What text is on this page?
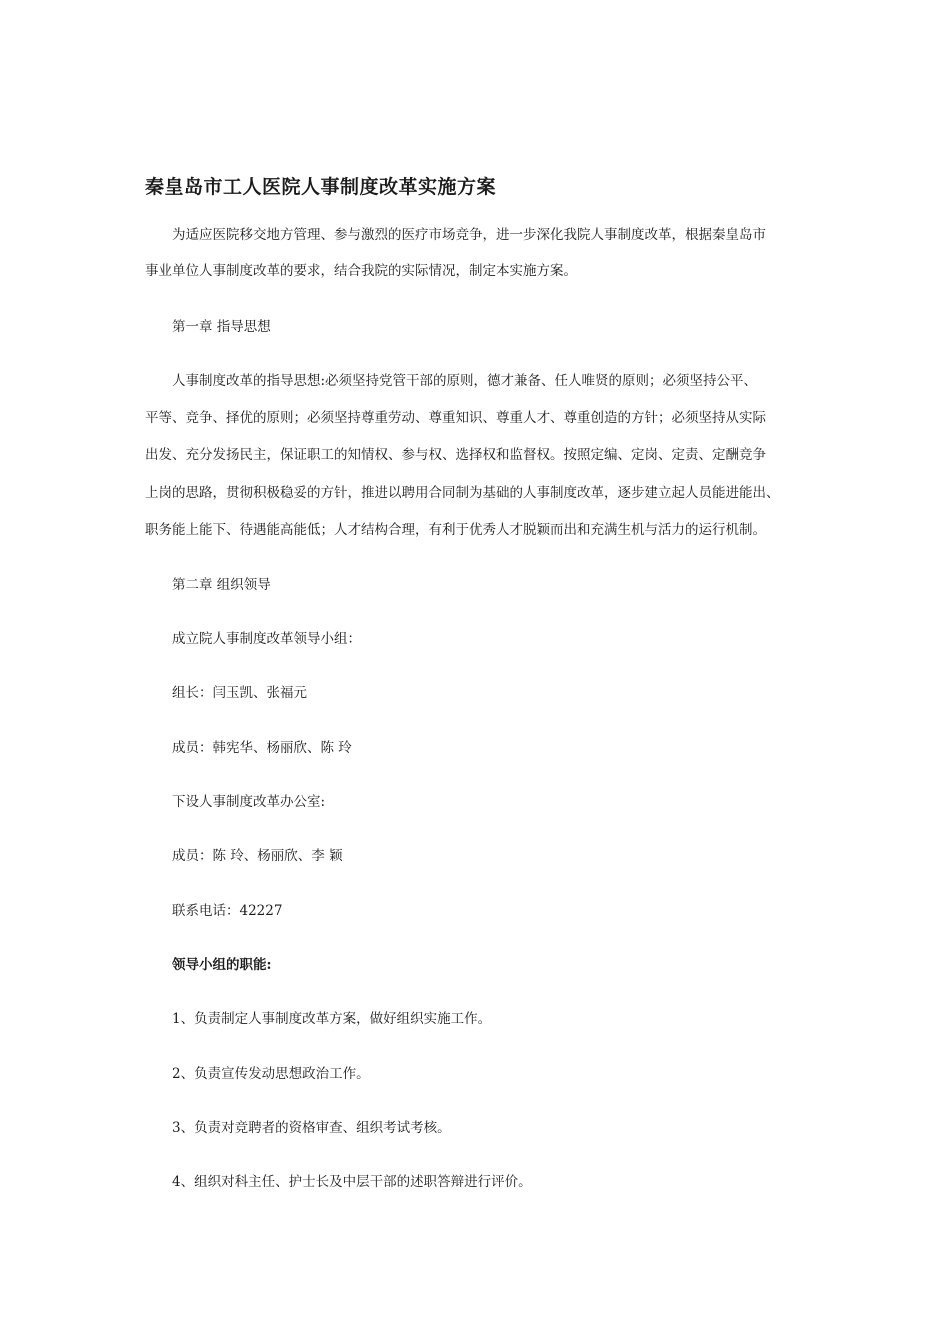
秦皇岛市工人医院人事制度改革实施方案
为适应医院移交地方管理、参与激烈的医疗市场竞争，进一步深化我院人事制度改革，根据秦皇岛市
事业单位人事制度改革的要求，结合我院的实际情况，制定本实施方案。
第一章 指导思想
人事制度改革的指导思想:必须坚持党管干部的原则，德才兼备、任人唯贤的原则；必须坚持公平、
平等、竞争、择优的原则；必须坚持尊重劳动、尊重知识、尊重人才、尊重创造的方针；必须坚持从实际
出发、充分发扬民主，保证职工的知情权、参与权、选择权和监督权。按照定编、定岗、定责、定酬竞争
上岗的思路，贯彻积极稳妥的方针，推进以聘用合同制为基础的人事制度改革，逐步建立起人员能进能出、
职务能上能下、待遇能高能低；人才结构合理，有利于优秀人才脱颖而出和充满生机与活力的运行机制。
第二章 组织领导
成立院人事制度改革领导小组：
组长：闫玉凯、张福元
成员：韩宪华、杨丽欣、陈 玲
下设人事制度改革办公室:
成员：陈 玲、杨丽欣、李 颖
联系电话：42227
领导小组的职能:
1、负责制定人事制度改革方案，做好组织实施工作。
2、负责宣传发动思想政治工作。
3、负责对竞聘者的资格审查、组织考试考核。
4、组织对科主任、护士长及中层干部的述职答辩进行评价。
